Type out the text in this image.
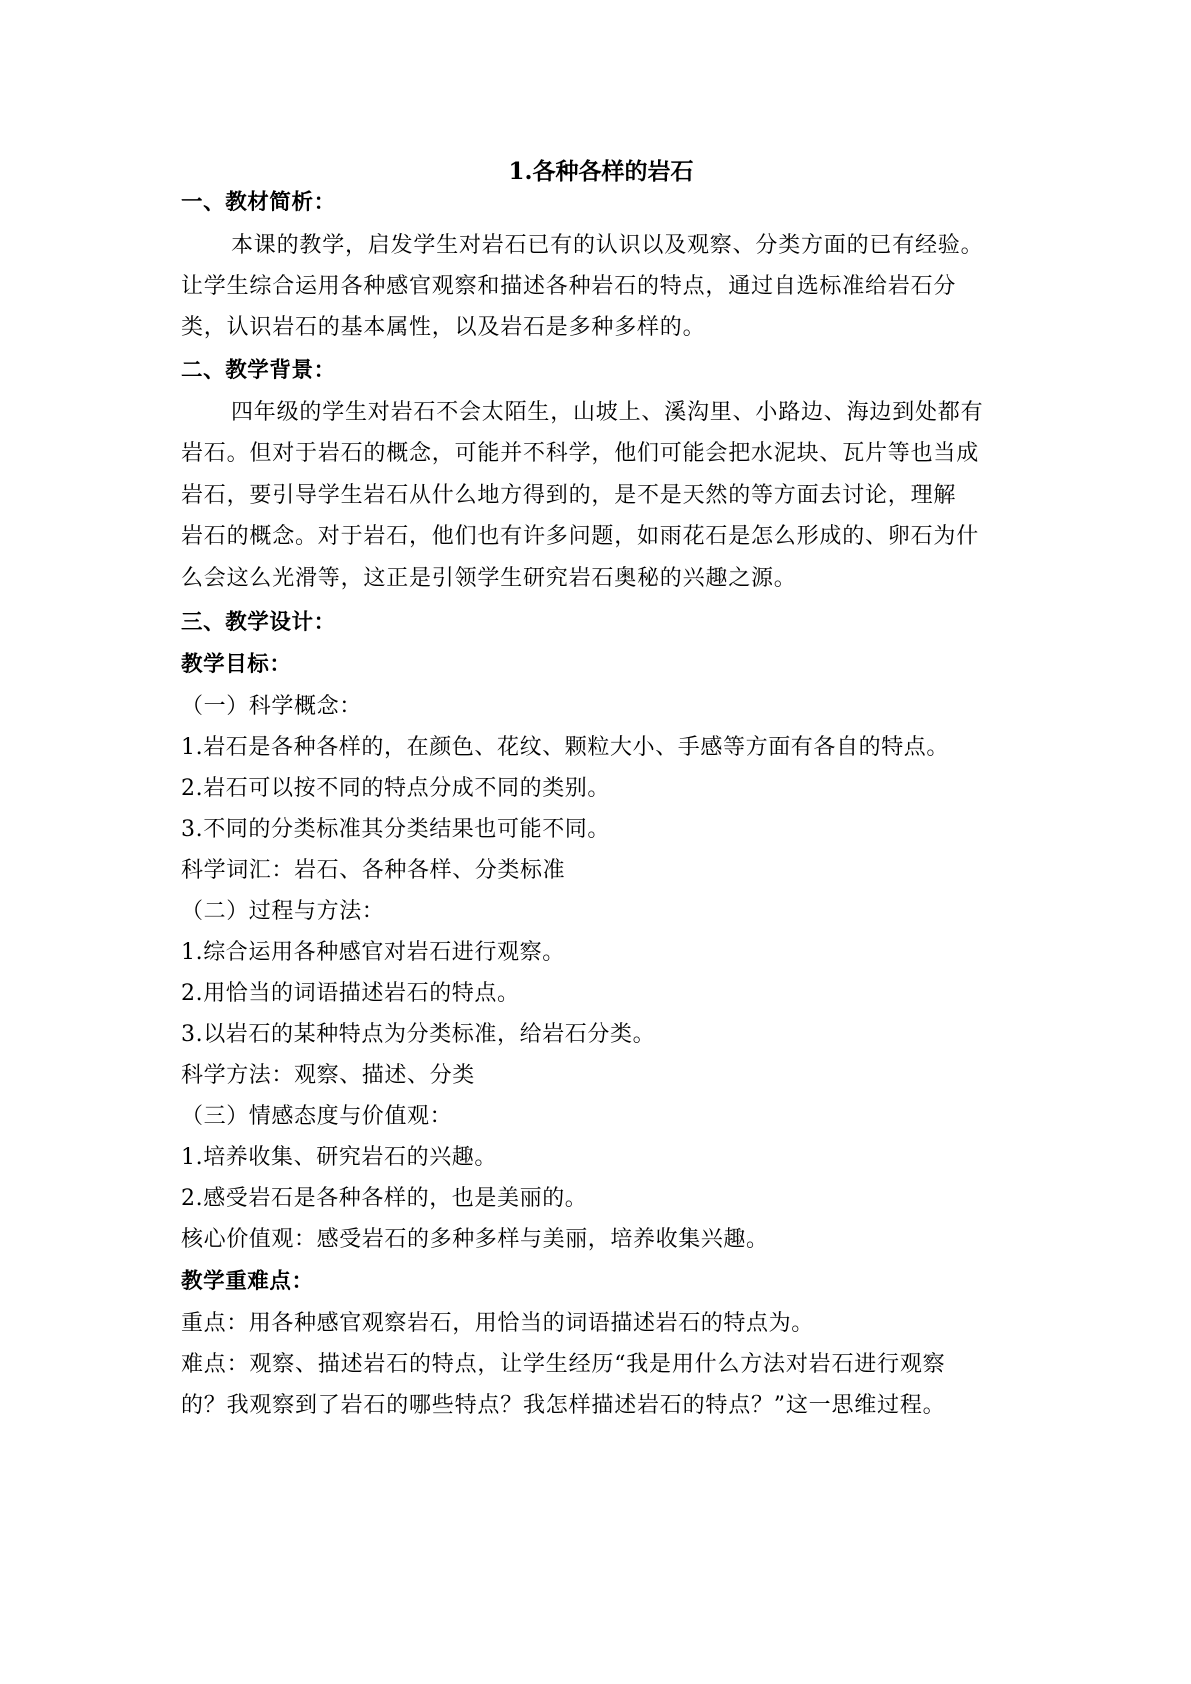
1.各种各样的岩石
一、教材简析：
本课的教学，启发学生对岩石已有的认识以及观察、分类方面的已有经验。
让学生综合运用各种感官观察和描述各种岩石的特点，通过自选标准给岩石分
类，认识岩石的基本属性，以及岩石是多种多样的。
二、教学背景：
四年级的学生对岩石不会太陌生，山坡上、溪沟里、小路边、海边到处都有
岩石。但对于岩石的概念，可能并不科学，他们可能会把水泥块、瓦片等也当成
岩石，要引导学生岩石从什么地方得到的，是不是天然的等方面去讨论，理解
岩石的概念。对于岩石，他们也有许多问题，如雨花石是怎么形成的、卵石为什
么会这么光滑等，这正是引领学生研究岩石奥秘的兴趣之源。
三、教学设计：
教学目标：
（一）科学概念：
1.岩石是各种各样的，在颜色、花纹、颗粒大小、手感等方面有各自的特点。
2.岩石可以按不同的特点分成不同的类别。
3.不同的分类标准其分类结果也可能不同。
科学词汇：岩石、各种各样、分类标准
（二）过程与方法：
1.综合运用各种感官对岩石进行观察。
2.用恰当的词语描述岩石的特点。
3.以岩石的某种特点为分类标准，给岩石分类。
科学方法：观察、描述、分类
（三）情感态度与价值观：
1.培养收集、研究岩石的兴趣。
2.感受岩石是各种各样的，也是美丽的。
核心价值观：感受岩石的多种多样与美丽，培养收集兴趣。
教学重难点：
重点：用各种感官观察岩石，用恰当的词语描述岩石的特点为。
难点：观察、描述岩石的特点，让学生经历“我是用什么方法对岩石进行观察
的？我观察到了岩石的哪些特点？我怎样描述岩石的特点？”这一思维过程。
